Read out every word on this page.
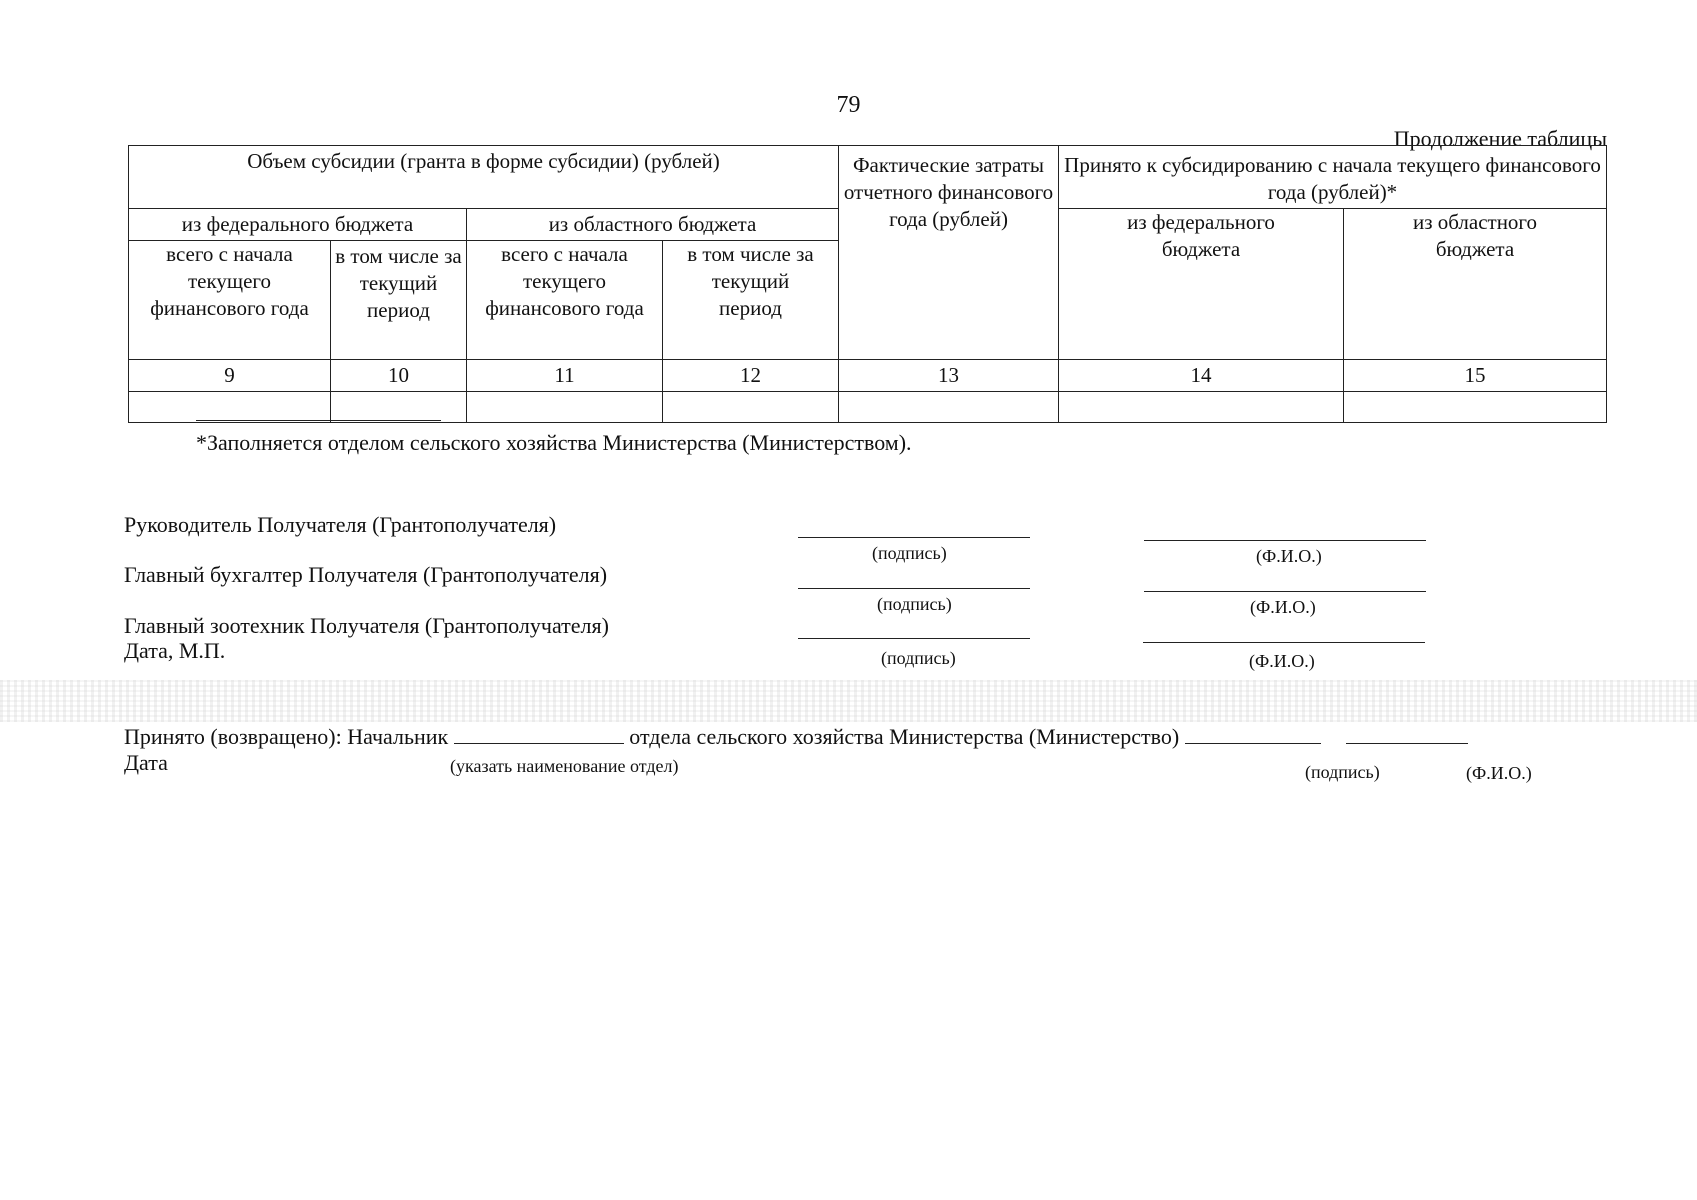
79
Продолжение таблицы
Объем субсидии (гранта в форме субсидии) (рублей)				Фактические затраты отчетного финансового года (рублей)	Принято к субсидированию с начала текущего финансового года (рублей)*	
из федерального бюджета		из областного бюджета			из федерального бюджета	из областного бюджета
всего с начала текущего финансового года	в том числе за текущий период	всего с начала текущего финансового года	в том числе за текущий период			
9	10	11	12	13	14	15

*Заполняется отделом сельского хозяйства Министерства (Министерством).
Руководитель Получателя (Грантополучателя)
(подпись)	(Ф.И.О.)
Главный бухгалтер Получателя (Грантополучателя)
(подпись)	(Ф.И.О.)
Главный зоотехник Получателя (Грантополучателя)
Дата, М.П.	(подпись)	(Ф.И.О.)
Принято (возвращено): Начальник	отдела сельского хозяйства Министерства (Министерство)
Дата	(указать наименование отдел)	(подпись)	(Ф.И.О.)
